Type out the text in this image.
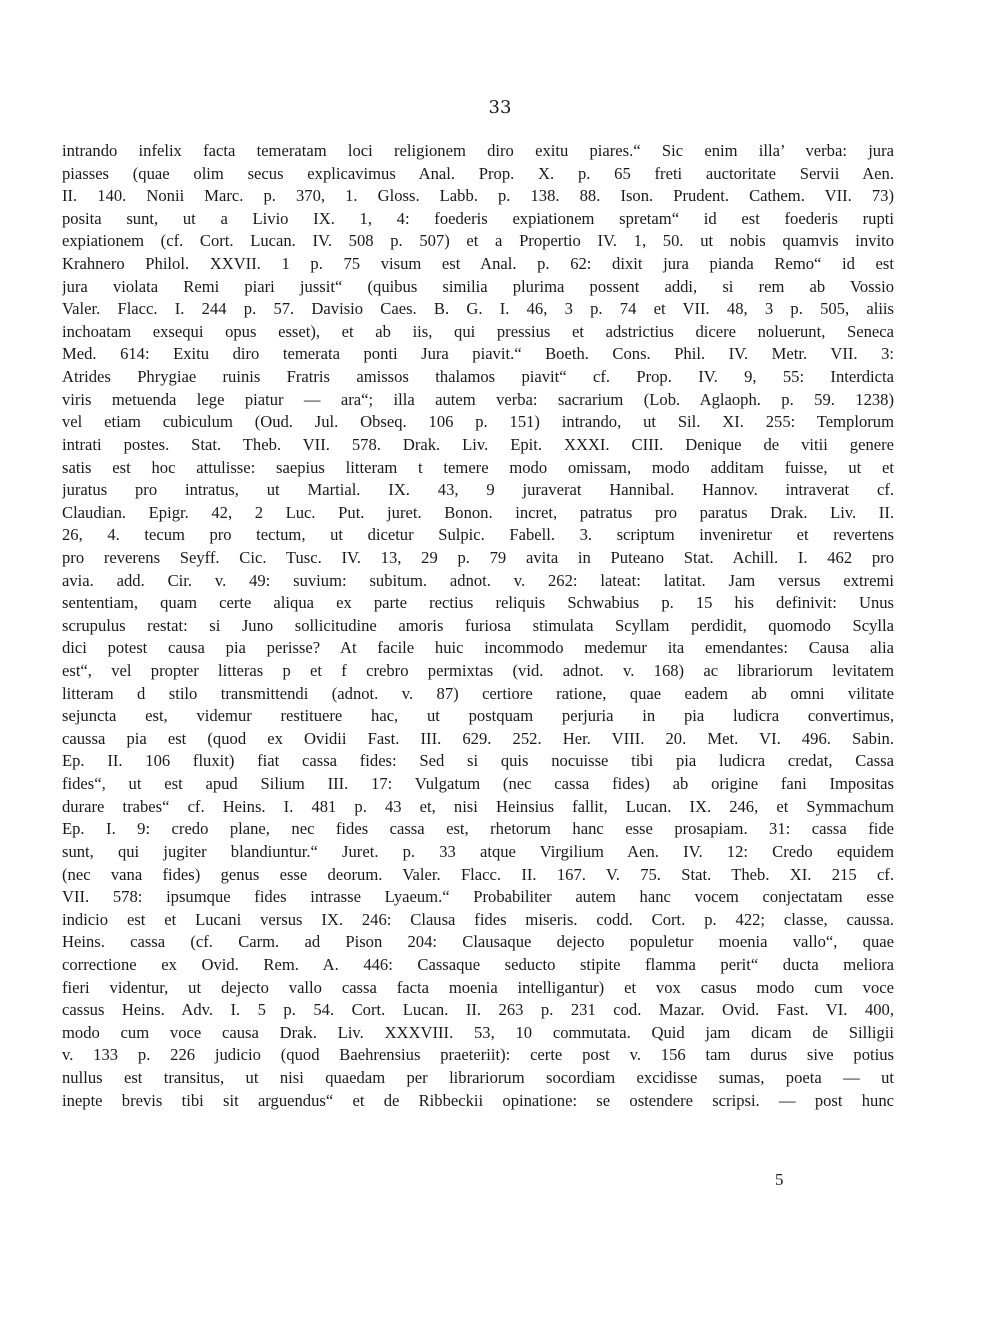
33
intrando infelix facta temeratam loci religionem diro exitu piares.“ Sic enim illa’ verba: jura
piasses (quae olim secus explicavimus Anal. Prop. X. p. 65 freti auctoritate Servii Aen.
II. 140. Nonii Marc. p. 370, 1. Gloss. Labb. p. 138. 88. Ison. Prudent. Cathem. VII. 73)
posita sunt, ut a Livio IX. 1, 4: foederis expiationem spretam“ id est foederis rupti
expiationem (cf. Cort. Lucan. IV. 508 p. 507) et a Propertio IV. 1, 50. ut nobis quamvis invito
Krahnero Philol. XXVII. 1 p. 75 visum est Anal. p. 62: dixit jura pianda Remo“ id est
jura violata Remi piari jussit“ (quibus similia plurima possent addi, si rem ab Vossio
Valer. Flacc. I. 244 p. 57. Davisio Caes. B. G. I. 46, 3 p. 74 et VII. 48, 3 p. 505, aliis
inchoatam exsequi opus esset), et ab iis, qui pressius et adstrictius dicere noluerunt, Seneca
Med. 614: Exitu diro temerata ponti Jura piavit.“ Boeth. Cons. Phil. IV. Metr. VII. 3:
Atrides Phrygiae ruinis Fratris amissos thalamos piavit“ cf. Prop. IV. 9, 55: Interdicta
viris metuenda lege piatur — ara“; illa autem verba: sacrarium (Lob. Aglaoph. p. 59. 1238)
vel etiam cubiculum (Oud. Jul. Obseq. 106 p. 151) intrando, ut Sil. XI. 255: Templorum
intrati postes. Stat. Theb. VII. 578. Drak. Liv. Epit. XXXI. CIII. Denique de vitii genere
satis est hoc attulisse: saepius litteram t temere modo omissam, modo additam fuisse, ut et
juratus pro intratus, ut Martial. IX. 43, 9 juraverat Hannibal. Hannov. intraverat cf.
Claudian. Epigr. 42, 2 Luc. Put. juret. Bonon. incret, patratus pro paratus Drak. Liv. II.
26, 4. tecum pro tectum, ut dicetur Sulpic. Fabell. 3. scriptum inveniretur et revertens
pro reverens Seyff. Cic. Tusc. IV. 13, 29 p. 79 avita in Puteano Stat. Achill. I. 462 pro
avia. add. Cir. v. 49: suvium: subitum. adnot. v. 262: lateat: latitat. Jam versus extremi
sententiam, quam certe aliqua ex parte rectius reliquis Schwabius p. 15 his definivit: Unus
scrupulus restat: si Juno sollicitudine amoris furiosa stimulata Scyllam perdidit, quomodo Scylla
dici potest causa pia perisse? At facile huic incommodo medemur ita emendantes: Causa alia
est“, vel propter litteras p et f crebro permixtas (vid. adnot. v. 168) ac librariorum levitatem
litteram d stilo transmittendi (adnot. v. 87) certiore ratione, quae eadem ab omni vilitate
sejuncta est, videmur restituere hac, ut postquam perjuria in pia ludicra convertimus,
caussa pia est (quod ex Ovidii Fast. III. 629. 252. Her. VIII. 20. Met. VI. 496. Sabin.
Ep. II. 106 fluxit) fiat cassa fides: Sed si quis nocuisse tibi pia ludicra credat, Cassa
fides“, ut est apud Silium III. 17: Vulgatum (nec cassa fides) ab origine fani Impositas
durare trabes“ cf. Heins. I. 481 p. 43 et, nisi Heinsius fallit, Lucan. IX. 246, et Symmachum
Ep. I. 9: credo plane, nec fides cassa est, rhetorum hanc esse prosapiam. 31: cassa fide
sunt, qui jugiter blandiuntur.“ Juret. p. 33 atque Virgilium Aen. IV. 12: Credo equidem
(nec vana fides) genus esse deorum. Valer. Flacc. II. 167. V. 75. Stat. Theb. XI. 215 cf.
VII. 578: ipsumque fides intrasse Lyaeum.“ Probabiliter autem hanc vocem conjectatam esse
indicio est et Lucani versus IX. 246: Clausa fides miseris. codd. Cort. p. 422; classe, caussa.
Heins. cassa (cf. Carm. ad Pison 204: Clausaque dejecto populetur moenia vallo“, quae
correctione ex Ovid. Rem. A. 446: Cassaque seducto stipite flamma perit“ ducta meliora
fieri videntur, ut dejecto vallo cassa facta moenia intelligantur) et vox casus modo cum voce
cassus Heins. Adv. I. 5 p. 54. Cort. Lucan. II. 263 p. 231 cod. Mazar. Ovid. Fast. VI. 400,
modo cum voce causa Drak. Liv. XXXVIII. 53, 10 commutata. Quid jam dicam de Silligii
v. 133 p. 226 judicio (quod Baehrensius praeteriit): certe post v. 156 tam durus sive potius
nullus est transitus, ut nisi quaedam per librariorum socordiam excidisse sumas, poeta — ut
inepte brevis tibi sit arguendus“ et de Ribbeckii opinatione: se ostendere scripsi. — post hunc
5
